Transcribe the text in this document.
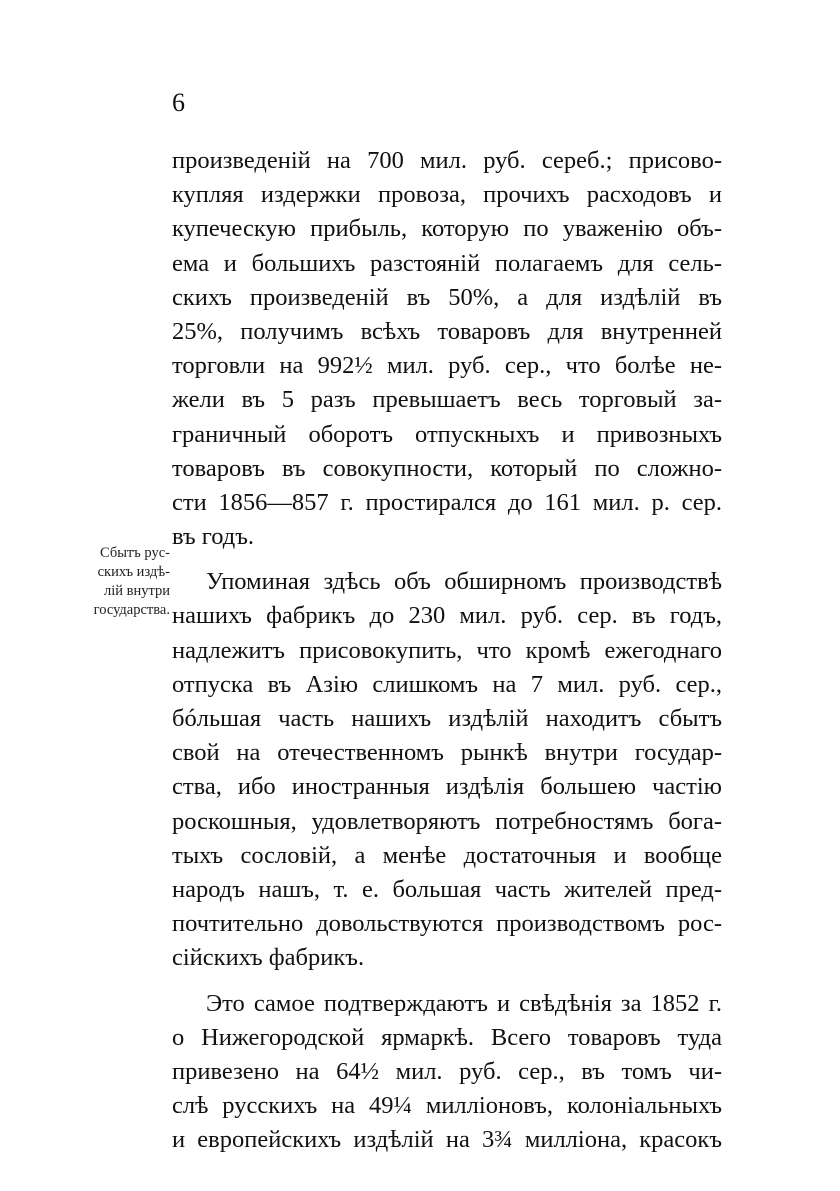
6

Сбытъ рус-
скихъ издѣ-
лій внутри
государства.
произведеній на 700 мил. руб. сереб.; присово-
купляя издержки провоза, прочихъ расходовъ и
купеческую прибыль, которую по уваженію объ-
ема и большихъ разстояній полагаемъ для сель-
скихъ произведеній въ 50%, а для издѣлій въ
25%, получимъ всѣхъ товаровъ для внутренней
торговли на 992½ мил. руб. сер., что болѣе не-
жели въ 5 разъ превышаетъ весь торговый за-
граничный оборотъ отпускныхъ и привозныхъ
товаровъ въ совокупности, который по сложно-
сти 1856—857 г. простирался до 161 мил. р. сер.
въ годъ.
Упоминая здѣсь объ обширномъ производствѣ
нашихъ фабрикъ до 230 мил. руб. сер. въ годъ,
надлежитъ присовокупить, что кромѣ ежегоднаго
отпуска въ Азію слишкомъ на 7 мил. руб. сер.,
бóльшая часть нашихъ издѣлій находитъ сбытъ
свой на отечественномъ рынкѣ внутри государ-
ства, ибо иностранныя издѣлія большею частію
роскошныя, удовлетворяютъ потребностямъ бога-
тыхъ сословій, а менѣе достаточныя и вообще
народъ нашъ, т. е. большая часть жителей пред-
почтительно довольствуются производствомъ рос-
сійскихъ фабрикъ.
Это самое подтверждаютъ и свѣдѣнія за 1852 г.
о Нижегородской ярмаркѣ. Всего товаровъ туда
привезено на 64½ мил. руб. сер., въ томъ чи-
слѣ русскихъ на 49¼ милліоновъ, колоніальныхъ
и европейскихъ издѣлій на 3¾ милліона, красокъ
